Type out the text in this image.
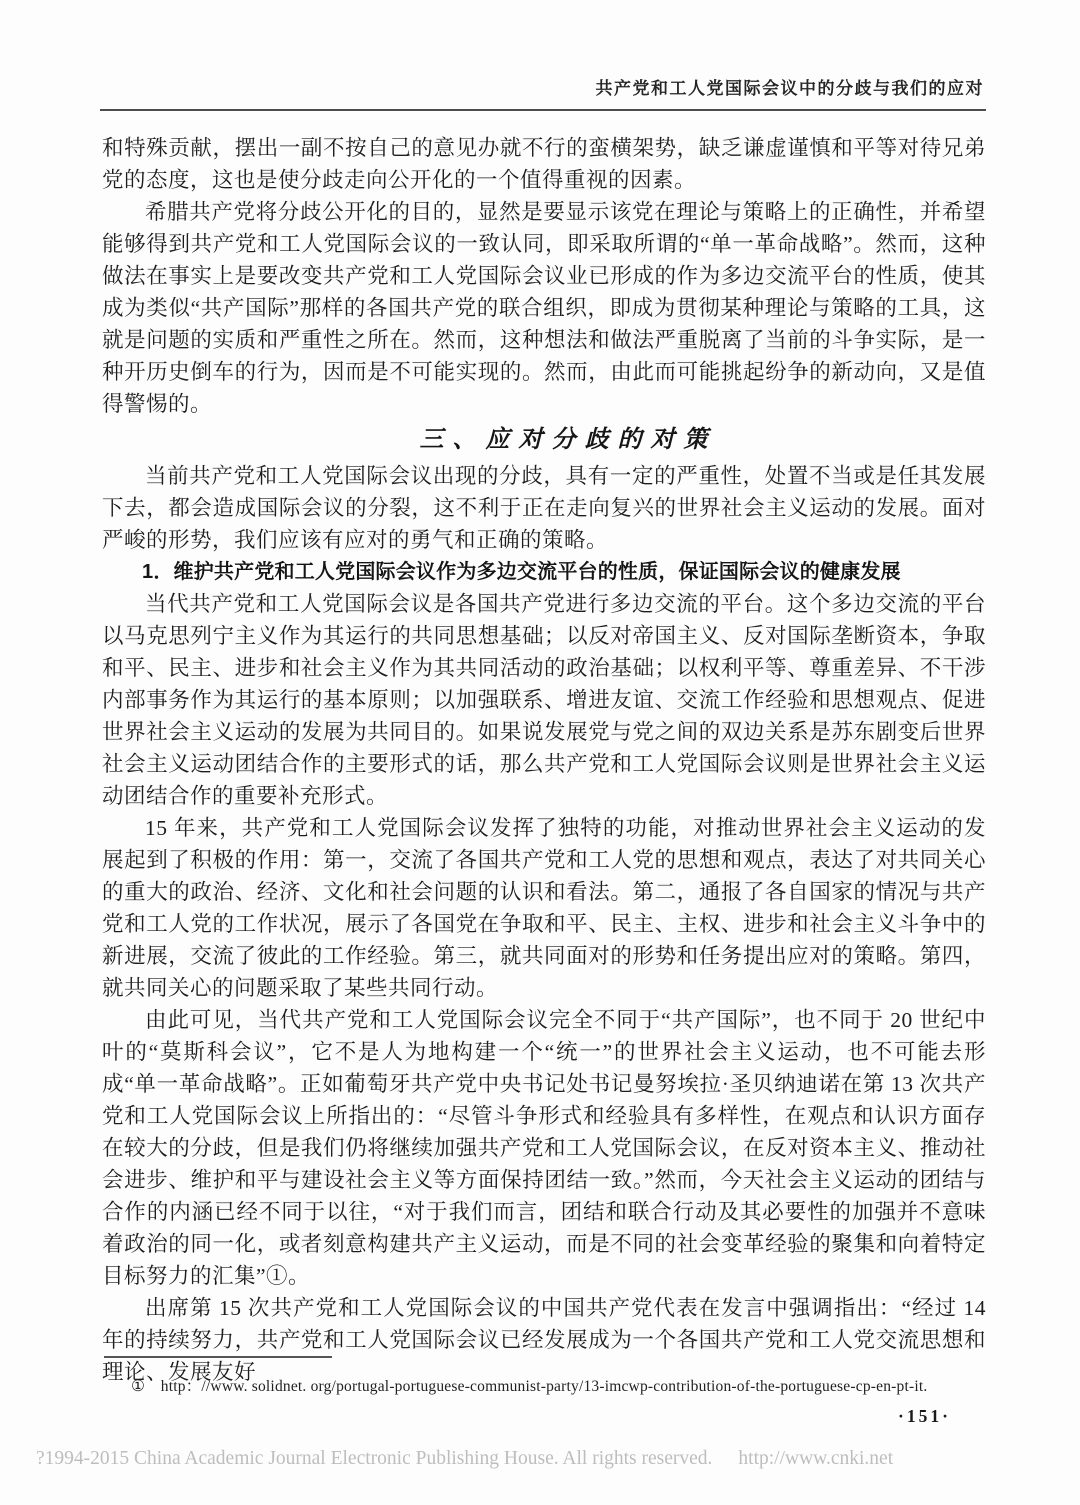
共产党和工人党国际会议中的分歧与我们的应对

和特殊贡献，摆出一副不按自己的意见办就不行的蛮横架势，缺乏谦虚谨慎和平等对待兄弟党的态度，这也是使分歧走向公开化的一个值得重视的因素。

希腊共产党将分歧公开化的目的，显然是要显示该党在理论与策略上的正确性，并希望能够得到共产党和工人党国际会议的一致认同，即采取所谓的“单一革命战略”。然而，这种做法在事实上是要改变共产党和工人党国际会议业已形成的作为多边交流平台的性质，使其成为类似“共产国际”那样的各国共产党的联合组织，即成为贯彻某种理论与策略的工具，这就是问题的实质和严重性之所在。然而，这种想法和做法严重脱离了当前的斗争实际，是一种开历史倒车的行为，因而是不可能实现的。然而，由此而可能挑起纷争的新动向，又是值得警惕的。

三、应对分歧的对策

当前共产党和工人党国际会议出现的分歧，具有一定的严重性，处置不当或是任其发展下去，都会造成国际会议的分裂，这不利于正在走向复兴的世界社会主义运动的发展。面对严峻的形势，我们应该有应对的勇气和正确的策略。

1．维护共产党和工人党国际会议作为多边交流平台的性质，保证国际会议的健康发展

当代共产党和工人党国际会议是各国共产党进行多边交流的平台。这个多边交流的平台以马克思列宁主义作为其运行的共同思想基础；以反对帝国主义、反对国际垄断资本，争取和平、民主、进步和社会主义作为其共同活动的政治基础；以权利平等、尊重差异、不干涉内部事务作为其运行的基本原则；以加强联系、增进友谊、交流工作经验和思想观点、促进世界社会主义运动的发展为共同目的。如果说发展党与党之间的双边关系是苏东剧变后世界社会主义运动团结合作的主要形式的话，那么共产党和工人党国际会议则是世界社会主义运动团结合作的重要补充形式。

15 年来，共产党和工人党国际会议发挥了独特的功能，对推动世界社会主义运动的发展起到了积极的作用：第一，交流了各国共产党和工人党的思想和观点，表达了对共同关心的重大的政治、经济、文化和社会问题的认识和看法。第二，通报了各自国家的情况与共产党和工人党的工作状况，展示了各国党在争取和平、民主、主权、进步和社会主义斗争中的新进展，交流了彼此的工作经验。第三，就共同面对的形势和任务提出应对的策略。第四，就共同关心的问题采取了某些共同行动。

由此可见，当代共产党和工人党国际会议完全不同于“共产国际”，也不同于 20 世纪中叶的“莫斯科会议”，它不是人为地构建一个“统一”的世界社会主义运动，也不可能去形成“单一革命战略”。正如葡萄牙共产党中央书记处书记曼努埃拉·圣贝纳迪诺在第 13 次共产党和工人党国际会议上所指出的：“尽管斗争形式和经验具有多样性，在观点和认识方面存在较大的分歧，但是我们仍将继续加强共产党和工人党国际会议，在反对资本主义、推动社会进步、维护和平与建设社会主义等方面保持团结一致。”然而，今天社会主义运动的团结与合作的内涵已经不同于以往，“对于我们而言，团结和联合行动及其必要性的加强并不意味着政治的同一化，或者刻意构建共产主义运动，而是不同的社会变革经验的聚集和向着特定目标努力的汇集”①。

出席第 15 次共产党和工人党国际会议的中国共产党代表在发言中强调指出：“经过 14 年的持续努力，共产党和工人党国际会议已经发展成为一个各国共产党和工人党交流思想和理论、发展友好

①　http：//www. solidnet. org/portugal-portuguese-communist-party/13-imcwp-contribution-of-the-portuguese-cp-en-pt-it.
·151·
?1994-2015 China Academic Journal Electronic Publishing House. All rights reserved. http://www.cnki.net
